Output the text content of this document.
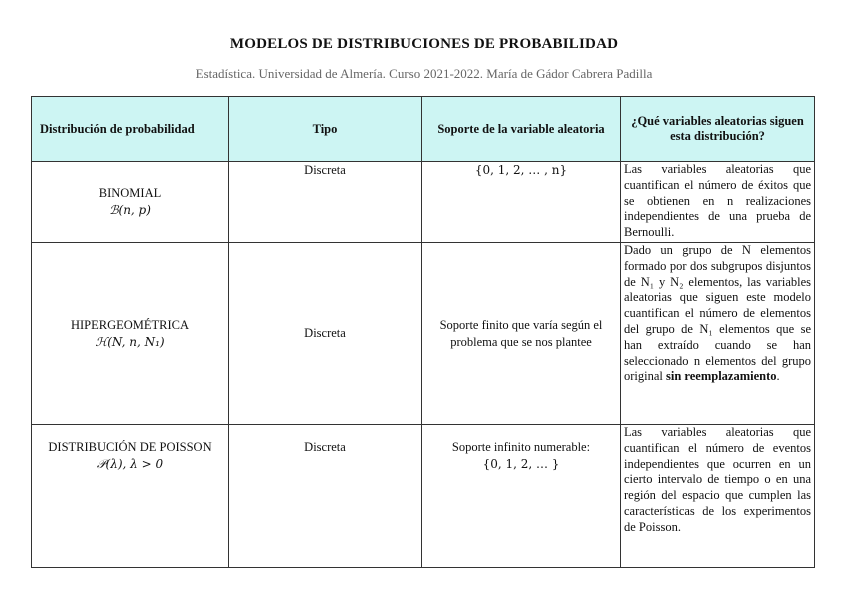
MODELOS DE DISTRIBUCIONES DE PROBABILIDAD
Estadística. Universidad de Almería. Curso 2021-2022. María de Gádor Cabrera Padilla
Distribución de probabilidad	Tipo	Soporte de la variable aleatoria	¿Qué variables aleatorias siguen esta distribución?

BINOMIAL
ℬ(n, p)	Discreta	{0, 1, 2, … , n}	Las variables aleatorias que cuantifican el número de éxitos que se obtienen en n realizaciones independientes de una prueba de Bernoulli.

HIPERGEOMÉTRICA
ℋ(N, n, N₁)	Discreta	Soporte finito que varía según el problema que se nos plantee	Dado un grupo de N elementos formado por dos subgrupos disjuntos de N₁ y N₂ elementos, las variables aleatorias que siguen este modelo cuantifican el número de elementos del grupo de N₁ elementos que se han extraído cuando se han seleccionado n elementos del grupo original sin reemplazamiento.

DISTRIBUCIÓN DE POISSON
𝒫(λ), λ > 0	Discreta	Soporte infinito numerable:
{0, 1, 2, … }	Las variables aleatorias que cuantifican el número de eventos independientes que ocurren en un cierto intervalo de tiempo o en una región del espacio que cumplen las características de los experimentos de Poisson.
